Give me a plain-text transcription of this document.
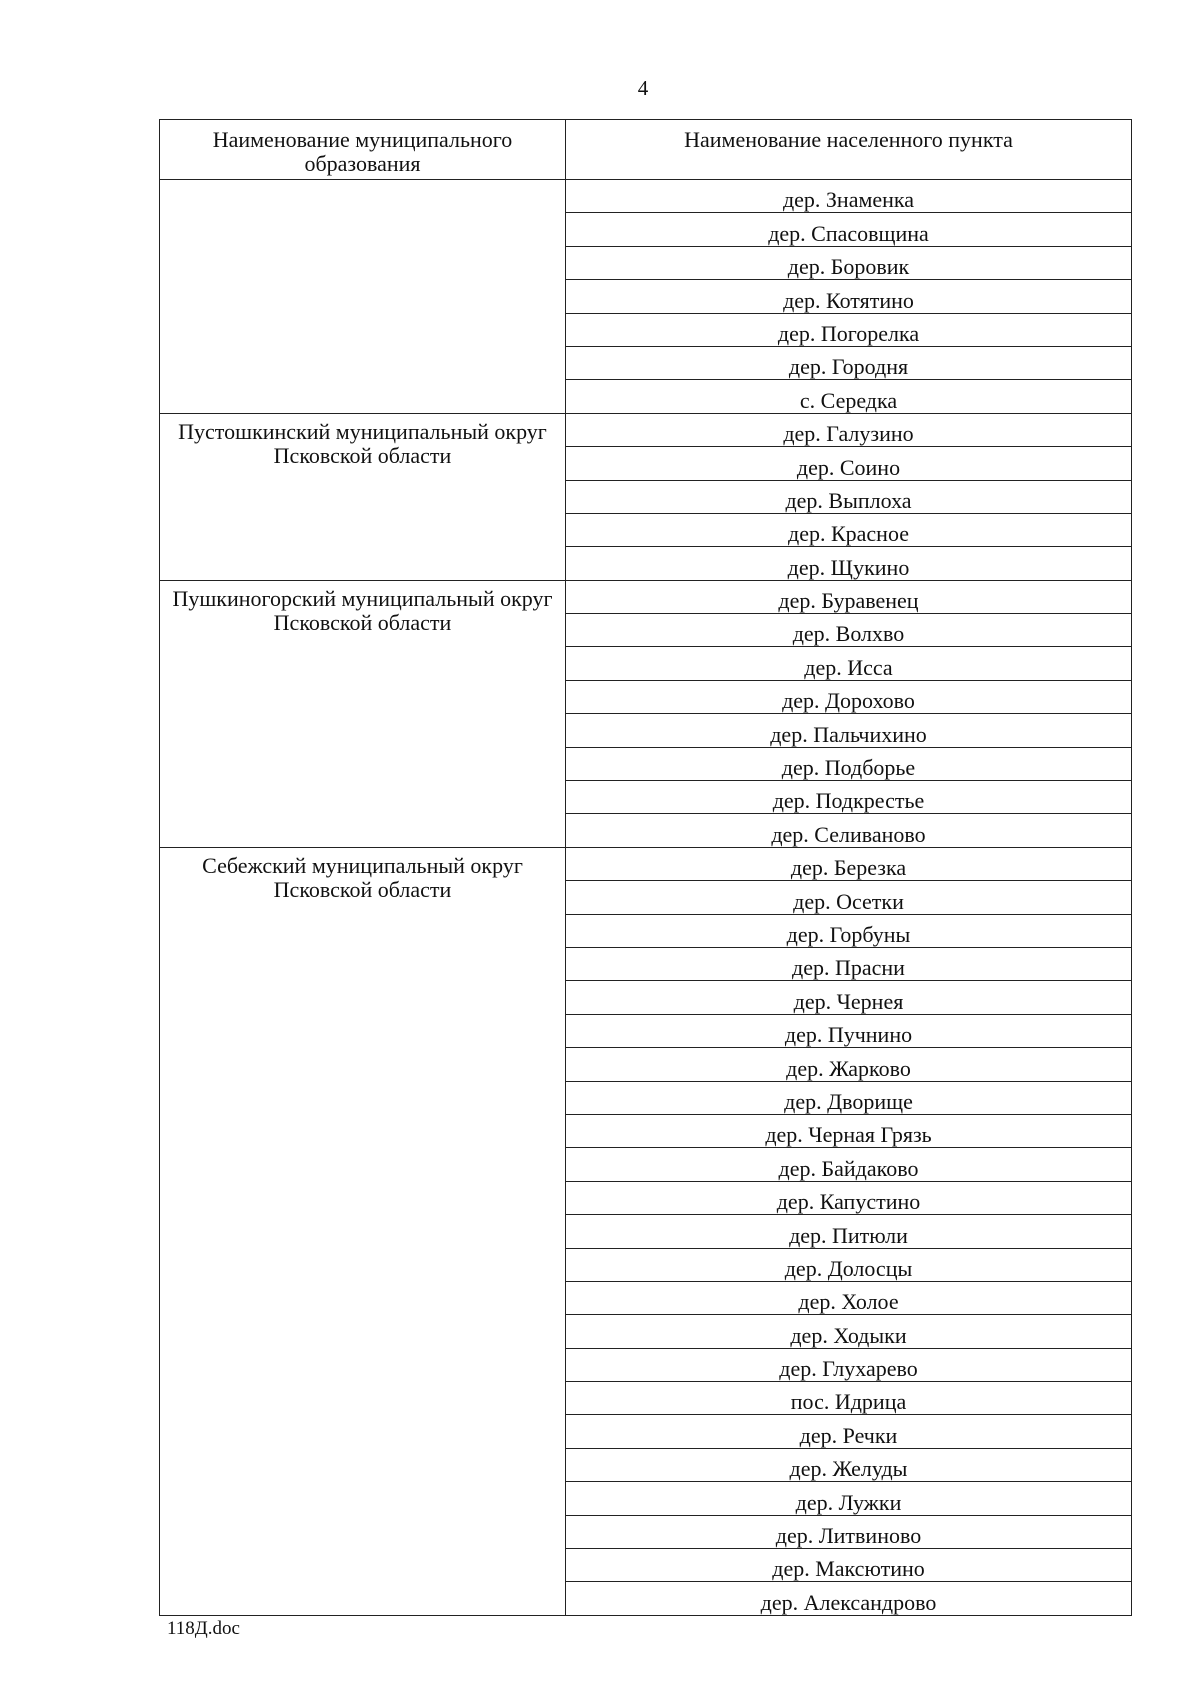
4
Наименование муниципального образования	Наименование населенного пункта
	дер. Знаменка
	дер. Спасовщина
	дер. Боровик
	дер. Котятино
	дер. Погорелка
	дер. Городня
	с. Середка
Пустошкинский муниципальный округ Псковской области	дер. Галузино
	дер. Соино
	дер. Выплоха
	дер. Красное
	дер. Щукино
Пушкиногорский муниципальный округ Псковской области	дер. Буравенец
	дер. Волхво
	дер. Исса
	дер. Дорохово
	дер. Пальчихино
	дер. Подборье
	дер. Подкрестье
	дер. Селиваново
Себежский муниципальный округ Псковской области	дер. Березка
	дер. Осетки
	дер. Горбуны
	дер. Прасни
	дер. Чернея
	дер. Пучнино
	дер. Жарково
	дер. Дворище
	дер. Черная Грязь
	дер. Байдаково
	дер. Капустино
	дер. Питюли
	дер. Долосцы
	дер. Холое
	дер. Ходыки
	дер. Глухарево
	пос. Идрица
	дер. Речки
	дер. Желуды
	дер. Лужки
	дер. Литвиново
	дер. Максютино
	дер. Александрово
118Д.doc
